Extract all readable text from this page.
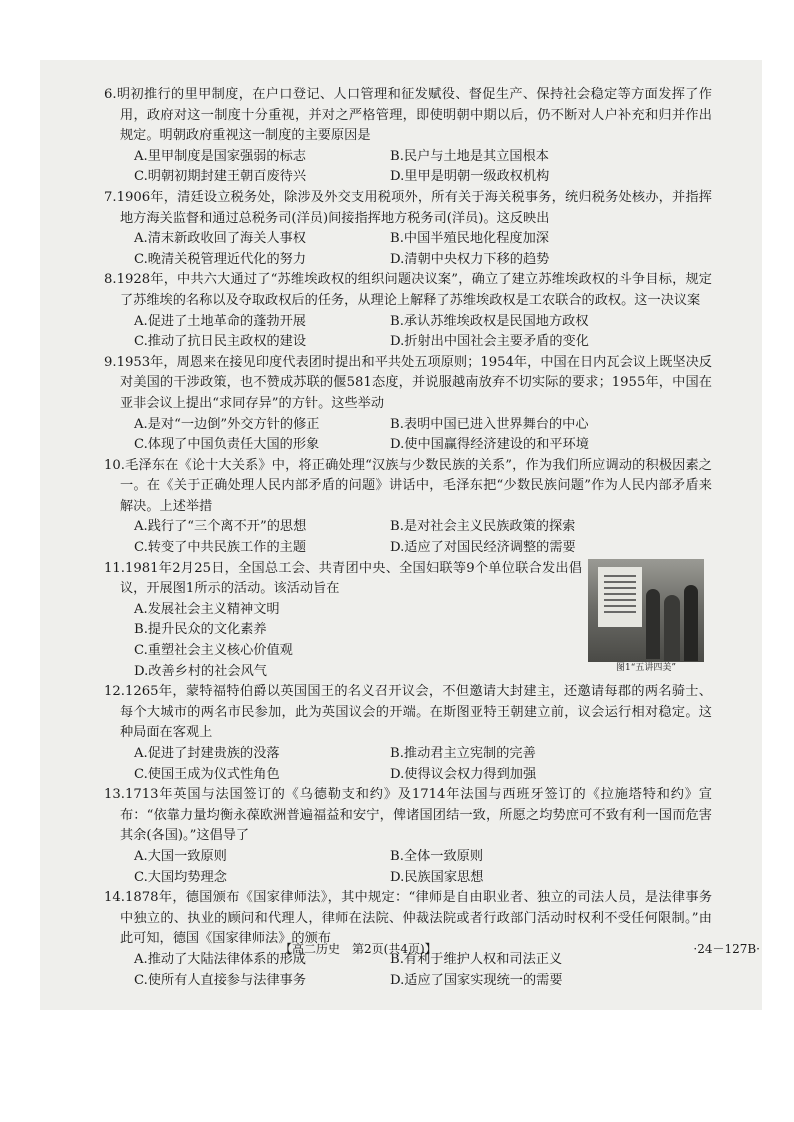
6.明初推行的里甲制度，在户口登记、人口管理和征发赋役、督促生产、保持社会稳定等方面发挥了作用，政府对这一制度十分重视，并对之严格管理，即使明朝中期以后，仍不断对人户补充和归并作出规定。明朝政府重视这一制度的主要原因是
A.里甲制度是国家强弱的标志	B.民户与土地是其立国根本
C.明朝初期封建王朝百废待兴	D.里甲是明朝一级政权机构
7.1906年，清廷设立税务处，除涉及外交支用税项外，所有关于海关税事务，统归税务处核办，并指挥地方海关监督和通过总税务司(洋员)间接指挥地方税务司(洋员)。这反映出
A.清末新政收回了海关人事权	B.中国半殖民地化程度加深
C.晚清关税管理近代化的努力	D.清朝中央权力下移的趋势
8.1928年，中共六大通过了“苏维埃政权的组织问题决议案”，确立了建立苏维埃政权的斗争目标，规定了苏维埃的名称以及夺取政权后的任务，从理论上解释了苏维埃政权是工农联合的政权。这一决议案
A.促进了土地革命的蓬勃开展	B.承认苏维埃政权是民国地方政权
C.推动了抗日民主政权的建设	D.折射出中国社会主要矛盾的变化
9.1953年，周恩来在接见印度代表团时提出和平共处五项原则；1954年，中国在日内瓦会议上既坚决反对美国的干涉政策，也不赞成苏联的偃581态度，并说服越南放弃不切实际的要求；1955年，中国在亚非会议上提出“求同存异”的方针。这些举动
A.是对“一边倒”外交方针的修正	B.表明中国已进入世界舞台的中心
C.体现了中国负责任大国的形象	D.使中国赢得经济建设的和平环境
10.毛泽东在《论十大关系》中，将正确处理“汉族与少数民族的关系”，作为我们所应调动的积极因素之一。在《关于正确处理人民内部矛盾的问题》讲话中，毛泽东把“少数民族问题”作为人民内部矛盾来解决。上述举措
A.践行了“三个离不开”的思想	B.是对社会主义民族政策的探索
C.转变了中共民族工作的主题	D.适应了对国民经济调整的需要
11.1981年2月25日，全国总工会、共青团中央、全国妇联等9个单位联合发出倡议，开展图1所示的活动。该活动旨在
A.发展社会主义精神文明
B.提升民众的文化素养
C.重塑社会主义核心价值观
D.改善乡村的社会风气	图1“五讲四美”
12.1265年，蒙特福特伯爵以英国国王的名义召开议会，不但邀请大封建主，还邀请每郡的两名骑士、每个大城市的两名市民参加，此为英国议会的开端。在斯图亚特王朝建立前，议会运行相对稳定。这种局面在客观上
A.促进了封建贵族的没落	B.推动君主立宪制的完善
C.使国王成为仪式性角色	D.使得议会权力得到加强
13.1713年英国与法国签订的《乌德勒支和约》及1714年法国与西班牙签订的《拉施塔特和约》宣布：“依靠力量均衡永葆欧洲普遍福益和安宁，俾诸国团结一致，所愿之均势庶可不致有利一国而危害其余(各国)。”这倡导了
A.大国一致原则	B.全体一致原则
C.大国均势理念	D.民族国家思想
14.1878年，德国颁布《国家律师法》，其中规定：“律师是自由职业者、独立的司法人员，是法律事务中独立的、执业的顾问和代理人，律师在法院、仲裁法院或者行政部门活动时权利不受任何限制。”由此可知，德国《国家律师法》的颁布
A.推动了大陆法律体系的形成	B.有利于维护人权和司法正义
C.使所有人直接参与法律事务	D.适应了国家实现统一的需要
【高二历史　第2页(共4页)】	·24－127B·
